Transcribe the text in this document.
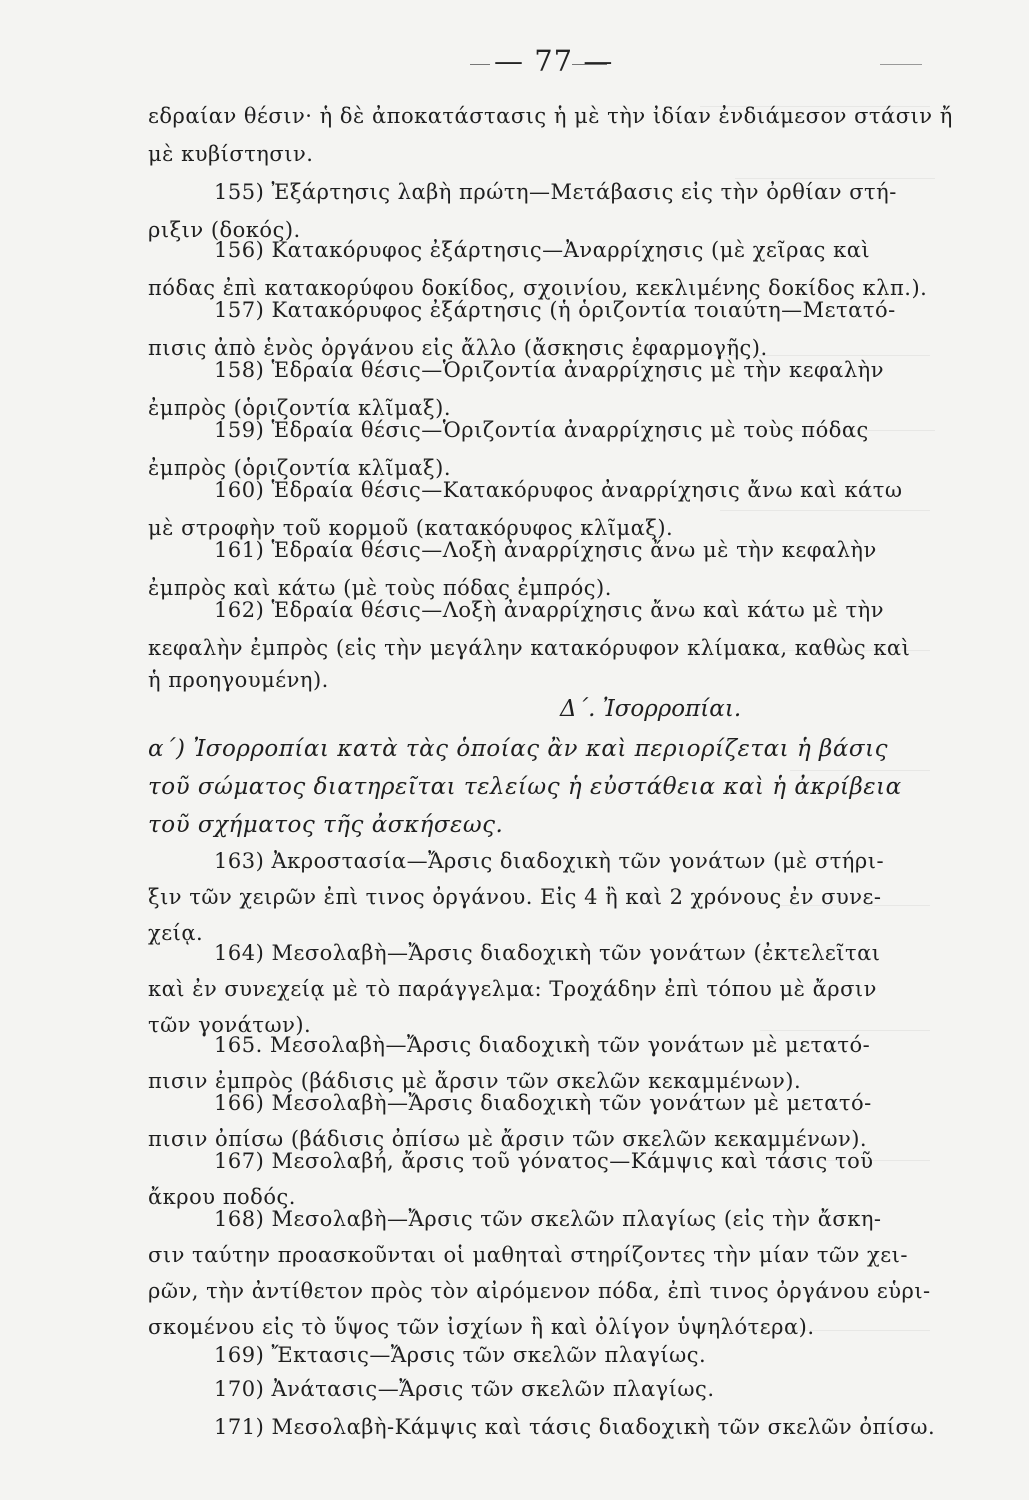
— 77 —
εδραίαν θέσιν· ἡ δὲ ἀποκατάστασις ἡ μὲ τὴν ἰδίαν ἐνδιάμεσον στάσιν ἤ
μὲ κυβίστησιν.
155) Ἐξάρτησις λαβὴ πρώτη—Μετάβασις εἰς τὴν ὀρθίαν στή-
ριξιν (δοκός).
156) Κατακόρυφος ἐξάρτησις—Ἀναρρίχησις (μὲ χεῖρας καὶ
πόδας ἐπὶ κατακορύφου δοκίδος, σχοινίου, κεκλιμένης δοκίδος κλπ.).
157) Κατακόρυφος ἐξάρτησις (ἡ ὁριζοντία τοιαύτη—Μετατό-
πισις ἀπὸ ἑνὸς ὀργάνου εἰς ἄλλο (ἄσκησις ἐφαρμογῆς).
158) Ἑδραία θέσις—Ὁριζοντία ἀναρρίχησις μὲ τὴν κεφαλὴν
ἐμπρὸς (ὁριζοντία κλῖμαξ).
159) Ἑδραία θέσις—Ὁριζοντία ἀναρρίχησις μὲ τοὺς πόδας
ἐμπρὸς (ὁριζοντία κλῖμαξ).
160) Ἑδραία θέσις—Κατακόρυφος ἀναρρίχησις ἄνω καὶ κάτω
μὲ στροφὴν τοῦ κορμοῦ (κατακόρυφος κλῖμαξ).
161) Ἑδραία θέσις—Λοξὴ ἀναρρίχησις ἄνω μὲ τὴν κεφαλὴν
ἐμπρὸς καὶ κάτω (μὲ τοὺς πόδας ἐμπρός).
162) Ἑδραία θέσις—Λοξὴ ἀναρρίχησις ἄνω καὶ κάτω μὲ τὴν
κεφαλὴν ἐμπρὸς (εἰς τὴν μεγάλην κατακόρυφον κλίμακα, καθὼς καὶ
ἡ προηγουμένη).
Δ΄. Ἰσορροπίαι.
α΄) Ἰσορροπίαι κατὰ τὰς ὁποίας ἂν καὶ περιορίζεται ἡ βάσις
τοῦ σώματος διατηρεῖται τελείως ἡ εὐστάθεια καὶ ἡ ἀκρίβεια
τοῦ σχήματος τῆς ἀσκήσεως.
163) Ἀκροστασία—Ἄρσις διαδοχικὴ τῶν γονάτων (μὲ στήρι-
ξιν τῶν χειρῶν ἐπὶ τινος ὀργάνου. Εἰς 4 ἢ καὶ 2 χρόνους ἐν συνε-
χείᾳ.
164) Μεσολαβὴ—Ἄρσις διαδοχικὴ τῶν γονάτων (ἐκτελεῖται
καὶ ἐν συνεχείᾳ μὲ τὸ παράγγελμα: Τροχάδην ἐπὶ τόπου μὲ ἄρσιν
τῶν γονάτων).
165. Μεσολαβὴ—Ἄρσις διαδοχικὴ τῶν γονάτων μὲ μετατό-
πισιν ἐμπρὸς (βάδισις μὲ ἄρσιν τῶν σκελῶν κεκαμμένων).
166) Μεσολαβὴ—Ἄρσις διαδοχικὴ τῶν γονάτων μὲ μετατό-
πισιν ὀπίσω (βάδισις ὀπίσω μὲ ἄρσιν τῶν σκελῶν κεκαμμένων).
167) Μεσολαβή, ἄρσις τοῦ γόνατος—Κάμψις καὶ τάσις τοῦ
ἄκρου ποδός.
168) Μεσολαβὴ—Ἄρσις τῶν σκελῶν πλαγίως (εἰς τὴν ἄσκη-
σιν ταύτην προασκοῦνται οἱ μαθηταὶ στηρίζοντες τὴν μίαν τῶν χει-
ρῶν, τὴν ἀντίθετον πρὸς τὸν αἰρόμενον πόδα, ἐπὶ τινος ὀργάνου εὑρι-
σκομένου εἰς τὸ ὕψος τῶν ἰσχίων ἢ καὶ ὀλίγον ὑψηλότερα).
169) Ἔκτασις—Ἄρσις τῶν σκελῶν πλαγίως.
170) Ἀνάτασις—Ἄρσις τῶν σκελῶν πλαγίως.
171) Μεσολαβὴ-Κάμψις καὶ τάσις διαδοχικὴ τῶν σκελῶν ὀπίσω.
